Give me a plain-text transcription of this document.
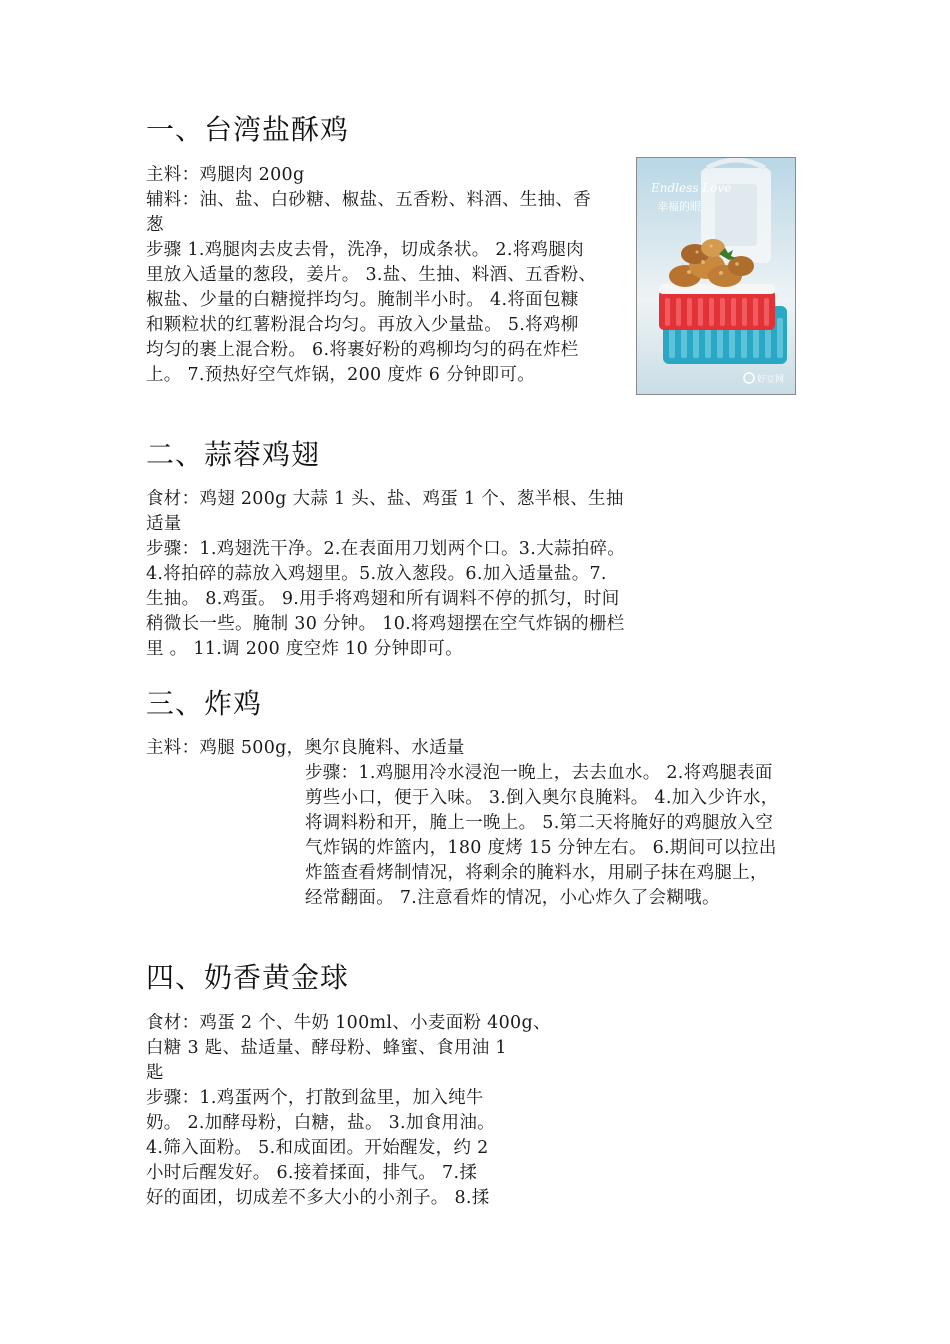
一、台湾盐酥鸡
主料：鸡腿肉 200g
辅料：油、盐、白砂糖、椒盐、五香粉、料酒、生抽、香
葱
步骤 1.鸡腿肉去皮去骨，洗净，切成条状。 2.将鸡腿肉
里放入适量的葱段，姜片。 3.盐、生抽、料酒、五香粉、
椒盐、少量的白糖搅拌均匀。腌制半小时。 4.将面包糠
和颗粒状的红薯粉混合均匀。再放入少量盐。 5.将鸡柳
均匀的裹上混合粉。 6.将裹好粉的鸡柳均匀的码在炸栏
上。 7.预热好空气炸锅，200 度炸 6 分钟即可。
Endless Love
幸福的眼
好豆网
二、蒜蓉鸡翅
食材：鸡翅 200g 大蒜 1 头、盐、鸡蛋 1 个、葱半根、生抽
适量
步骤：1.鸡翅洗干净。2.在表面用刀划两个口。3.大蒜拍碎。
4.将拍碎的蒜放入鸡翅里。5.放入葱段。6.加入适量盐。7.
生抽。 8.鸡蛋。 9.用手将鸡翅和所有调料不停的抓匀，时间
稍微长一些。腌制 30 分钟。 10.将鸡翅摆在空气炸锅的栅栏
里 。 11.调 200 度空炸 10 分钟即可。
三、炸鸡
主料：鸡腿 500g，奥尔良腌料、水适量
步骤：1.鸡腿用冷水浸泡一晚上，去去血水。 2.将鸡腿表面
剪些小口，便于入味。 3.倒入奥尔良腌料。 4.加入少许水，
将调料粉和开，腌上一晚上。 5.第二天将腌好的鸡腿放入空
气炸锅的炸篮内，180 度烤 15 分钟左右。 6.期间可以拉出
炸篮查看烤制情况，将剩余的腌料水，用刷子抹在鸡腿上，
经常翻面。 7.注意看炸的情况，小心炸久了会糊哦。
四、奶香黄金球
食材：鸡蛋 2 个、牛奶 100ml、小麦面粉 400g、
白糖 3 匙、盐适量、酵母粉、蜂蜜、食用油 1
匙
步骤：1.鸡蛋两个，打散到盆里，加入纯牛
奶。 2.加酵母粉，白糖，盐。 3.加食用油。
4.筛入面粉。 5.和成面团。开始醒发，约 2
小时后醒发好。 6.接着揉面，排气。 7.揉
好的面团，切成差不多大小的小剂子。 8.揉
